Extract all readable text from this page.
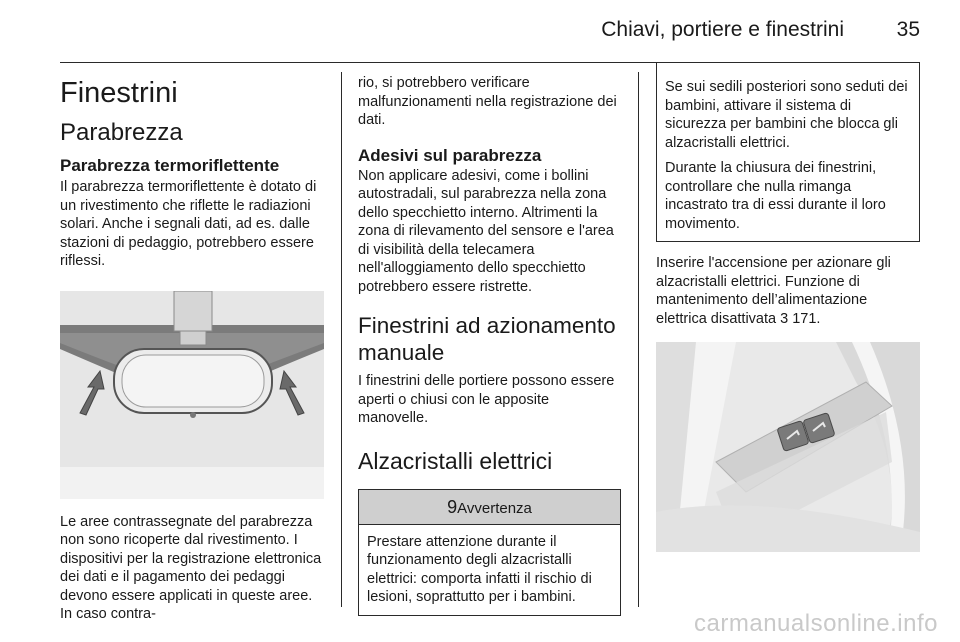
Chiavi, portiere e finestrini	35
Finestrini
Parabrezza
Parabrezza termoriflettente

Il parabrezza termoriflettente è dotato di un rivestimento che riflette le radiazioni solari. Anche i segnali dati, ad es. dalle stazioni di pedaggio, potrebbero essere riflessi.

Le aree contrassegnate del parabrezza non sono ricoperte dal rivestimento. I dispositivi per la registrazione elettronica dei dati e il pagamento dei pedaggi devono essere applicati in queste aree. In caso contra-

rio, si potrebbero verificare malfunzionamenti nella registrazione dei dati.

Adesivi sul parabrezza

Non applicare adesivi, come i bollini autostradali, sul parabrezza nella zona dello specchietto interno. Altrimenti la zona di rilevamento del sensore e l'area di visibilità della telecamera nell'alloggiamento dello specchietto potrebbero essere ristrette.

Finestrini ad azionamento manuale

I finestrini delle portiere possono essere aperti o chiusi con le apposite manovelle.

Alzacristalli elettrici
9Avvertenza

Prestare attenzione durante il funzionamento degli alzacristalli elettrici: comporta infatti il rischio di lesioni, soprattutto per i bambini.

Se sui sedili posteriori sono seduti dei bambini, attivare il sistema di sicurezza per bambini che blocca gli alzacristalli elettrici.

Durante la chiusura dei finestrini, controllare che nulla rimanga incastrato tra di essi durante il loro movimento.

Inserire l'accensione per azionare gli alzacristalli elettrici. Funzione di mantenimento dell’alimentazione elettrica disattivata 3 171.

carmanualsonline.info
